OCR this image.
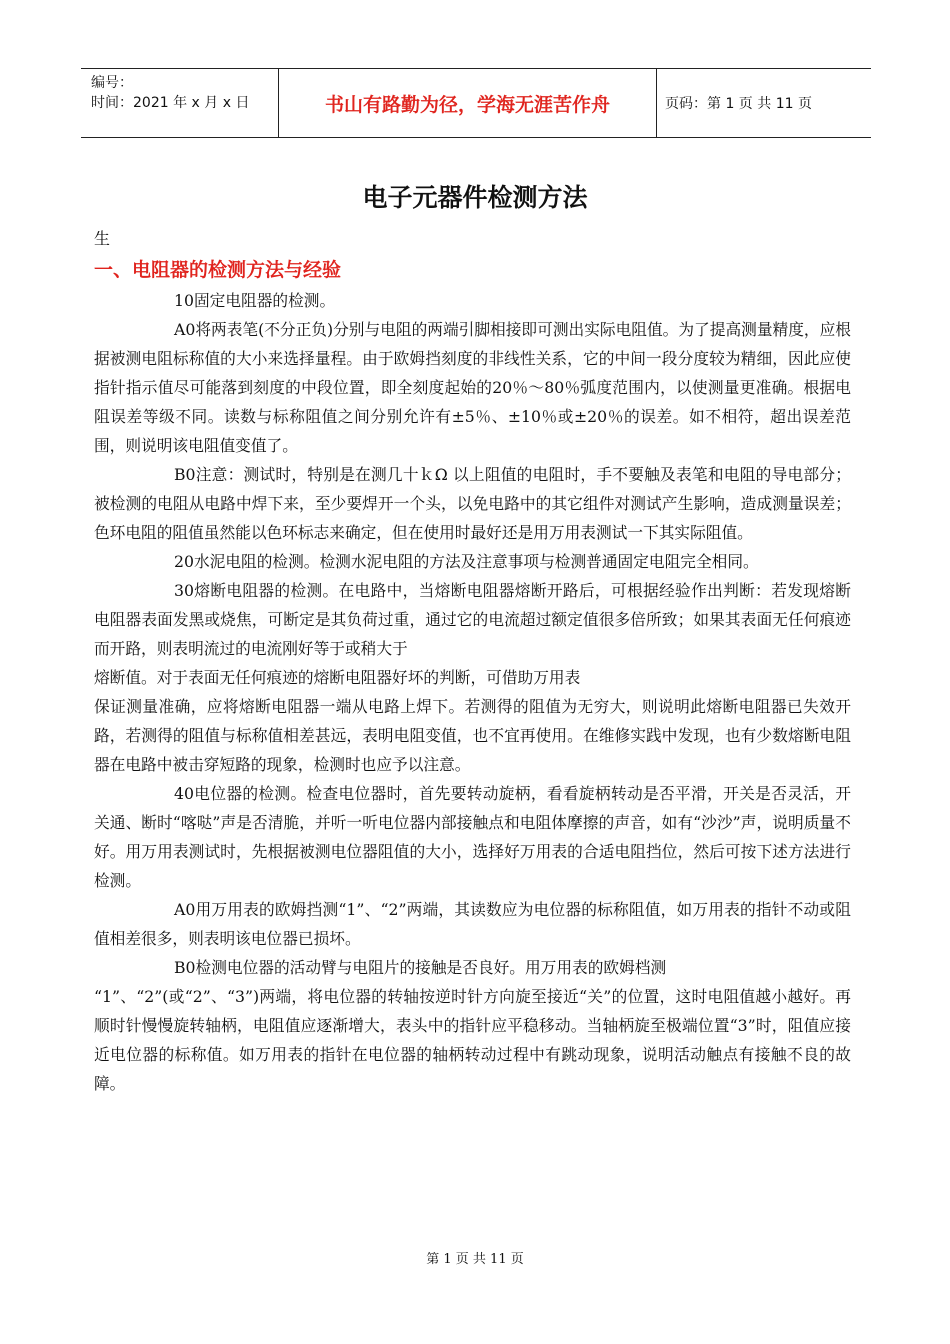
编号：
时间：2021 年 x 月 x 日	书山有路勤为径，学海无涯苦作舟	页码：第 1 页 共 11 页
电子元器件检测方法
生
一、电阻器的检测方法与经验

10固定电阻器的检测。

A0将两表笔(不分正负)分别与电阻的两端引脚相接即可测出实际电阻值。为了提高测量精度，应根据被测电阻标称值的大小来选择量程。由于欧姆挡刻度的非线性关系，它的中间一段分度较为精细，因此应使指针指示值尽可能落到刻度的中段位置，即全刻度起始的20％～80％弧度范围内，以使测量更准确。根据电阻误差等级不同。读数与标称阻值之间分别允许有±5％、±10％或±20％的误差。如不相符，超出误差范围，则说明该电阻值变值了。

B0注意：测试时，特别是在测几十ｋΩ 以上阻值的电阻时，手不要触及表笔和电阻的导电部分；被检测的电阻从电路中焊下来，至少要焊开一个头，以免电路中的其它组件对测试产生影响，造成测量误差；色环电阻的阻值虽然能以色环标志来确定，但在使用时最好还是用万用表测试一下其实际阻值。

20水泥电阻的检测。检测水泥电阻的方法及注意事项与检测普通固定电阻完全相同。

30熔断电阻器的检测。在电路中，当熔断电阻器熔断开路后，可根据经验作出判断：若发现熔断电阻器表面发黑或烧焦，可断定是其负荷过重，通过它的电流超过额定值很多倍所致；如果其表面无任何痕迹而开路，则表明流过的电流刚好等于或稍大于

熔断值。对于表面无任何痕迹的熔断电阻器好坏的判断，可借助万用表

保证测量准确，应将熔断电阻器一端从电路上焊下。若测得的阻值为无穷大，则说明此熔断电阻器已失效开路，若测得的阻值与标称值相差甚远，表明电阻变值，也不宜再使用。在维修实践中发现，也有少数熔断电阻器在电路中被击穿短路的现象，检测时也应予以注意。

40电位器的检测。检查电位器时，首先要转动旋柄，看看旋柄转动是否平滑，开关是否灵活，开关通、断时“喀哒”声是否清脆，并听一听电位器内部接触点和电阻体摩擦的声音，如有“沙沙”声，说明质量不好。用万用表测试时，先根据被测电位器阻值的大小，选择好万用表的合适电阻挡位，然后可按下述方法进行检测。

A0用万用表的欧姆挡测“1”、“2”两端，其读数应为电位器的标称阻值，如万用表的指针不动或阻值相差很多，则表明该电位器已损坏。

B0检测电位器的活动臂与电阻片的接触是否良好。用万用表的欧姆档测

“1”、“2”(或“2”、“3”)两端，将电位器的转轴按逆时针方向旋至接近“关”的位置，这时电阻值越小越好。再顺时针慢慢旋转轴柄，电阻值应逐渐增大，表头中的指针应平稳移动。当轴柄旋至极端位置“3”时，阻值应接近电位器的标称值。如万用表的指针在电位器的轴柄转动过程中有跳动现象，说明活动触点有接触不良的故障。

第 1 页 共 11 页
